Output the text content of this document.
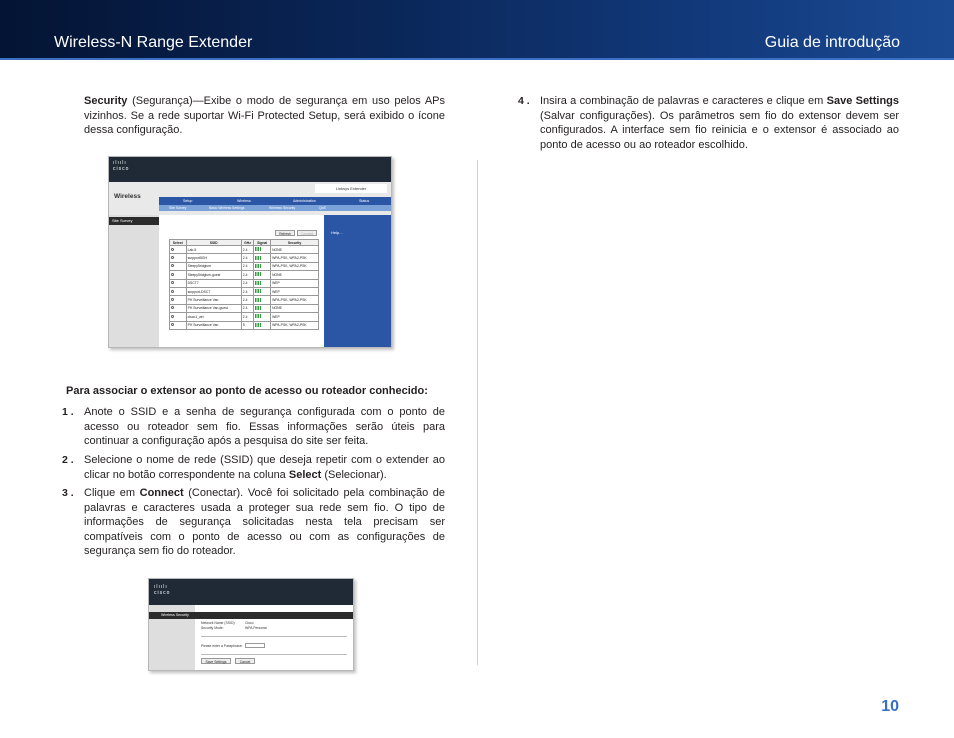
Wireless-N Range Extender	Guia de introdução
Security (Segurança)—Exibe o modo de segurança em uso pelos APs vizinhos. Se a rede suportar Wi-Fi Protected Setup, será exibido o ícone dessa configuração.
ılıılı
cisco
Wireless
Linksys Extender
Setup	Wireless	Administration	Status
Site Survey	Basic Wireless Settings	Wireless Security	QoS
Site Survey
Help...
Refresh	Connect
Select	SSID	GHz	Signal	Security
	Lab-5	2.4		NONE
	surpport5GH	2.4		WPA-PSK, WPA2-PSK
	Sleepy5ridgium	2.4		WPA-PSK, WPA2-PSK
	Sleepy5ridgium-guest	2.4		NONE
	DSCT7	2.4		WEP
	surpport-DSCT	2.4		WEP
	PH Surveillance Van	2.4		WPA-PSK, WPA2-PSK
	PH Surveillance Van-guest	2.4		NONE
	cisco1_wrt	2.4		WEP
	PH Surveillance Van	5		WPA-PSK, WPA2-PSK
Para associar o extensor ao ponto de acesso ou roteador conhecido:
1 . Anote o SSID e a senha de segurança configurada com o ponto de acesso ou roteador sem fio. Essas informações serão úteis para continuar a configuração após a pesquisa do site ser feita.
2 . Selecione o nome de rede (SSID) que deseja repetir com o extender ao clicar no botão correspondente na coluna Select (Selecionar).
3 . Clique em Connect (Conectar). Você foi solicitado pela combinação de palavras e caracteres usada a proteger sua rede sem fio. O tipo de informações de segurança solicitadas nesta tela precisam ser compatíveis com o ponto de acesso ou com as configurações de segurança sem fio do roteador.
ılıılı
cisco
Wireless Security
Network Name (SSID):	Cisco
Security Mode:	WPA Personal
Please enter a Passphrase:
Save Settings	Cancel
4 . Insira a combinação de palavras e caracteres e clique em Save Settings (Salvar configurações). Os parâmetros sem fio do extensor devem ser configurados. A interface sem fio reinicia e o extensor é associado ao ponto de acesso ou ao roteador escolhido.
10
